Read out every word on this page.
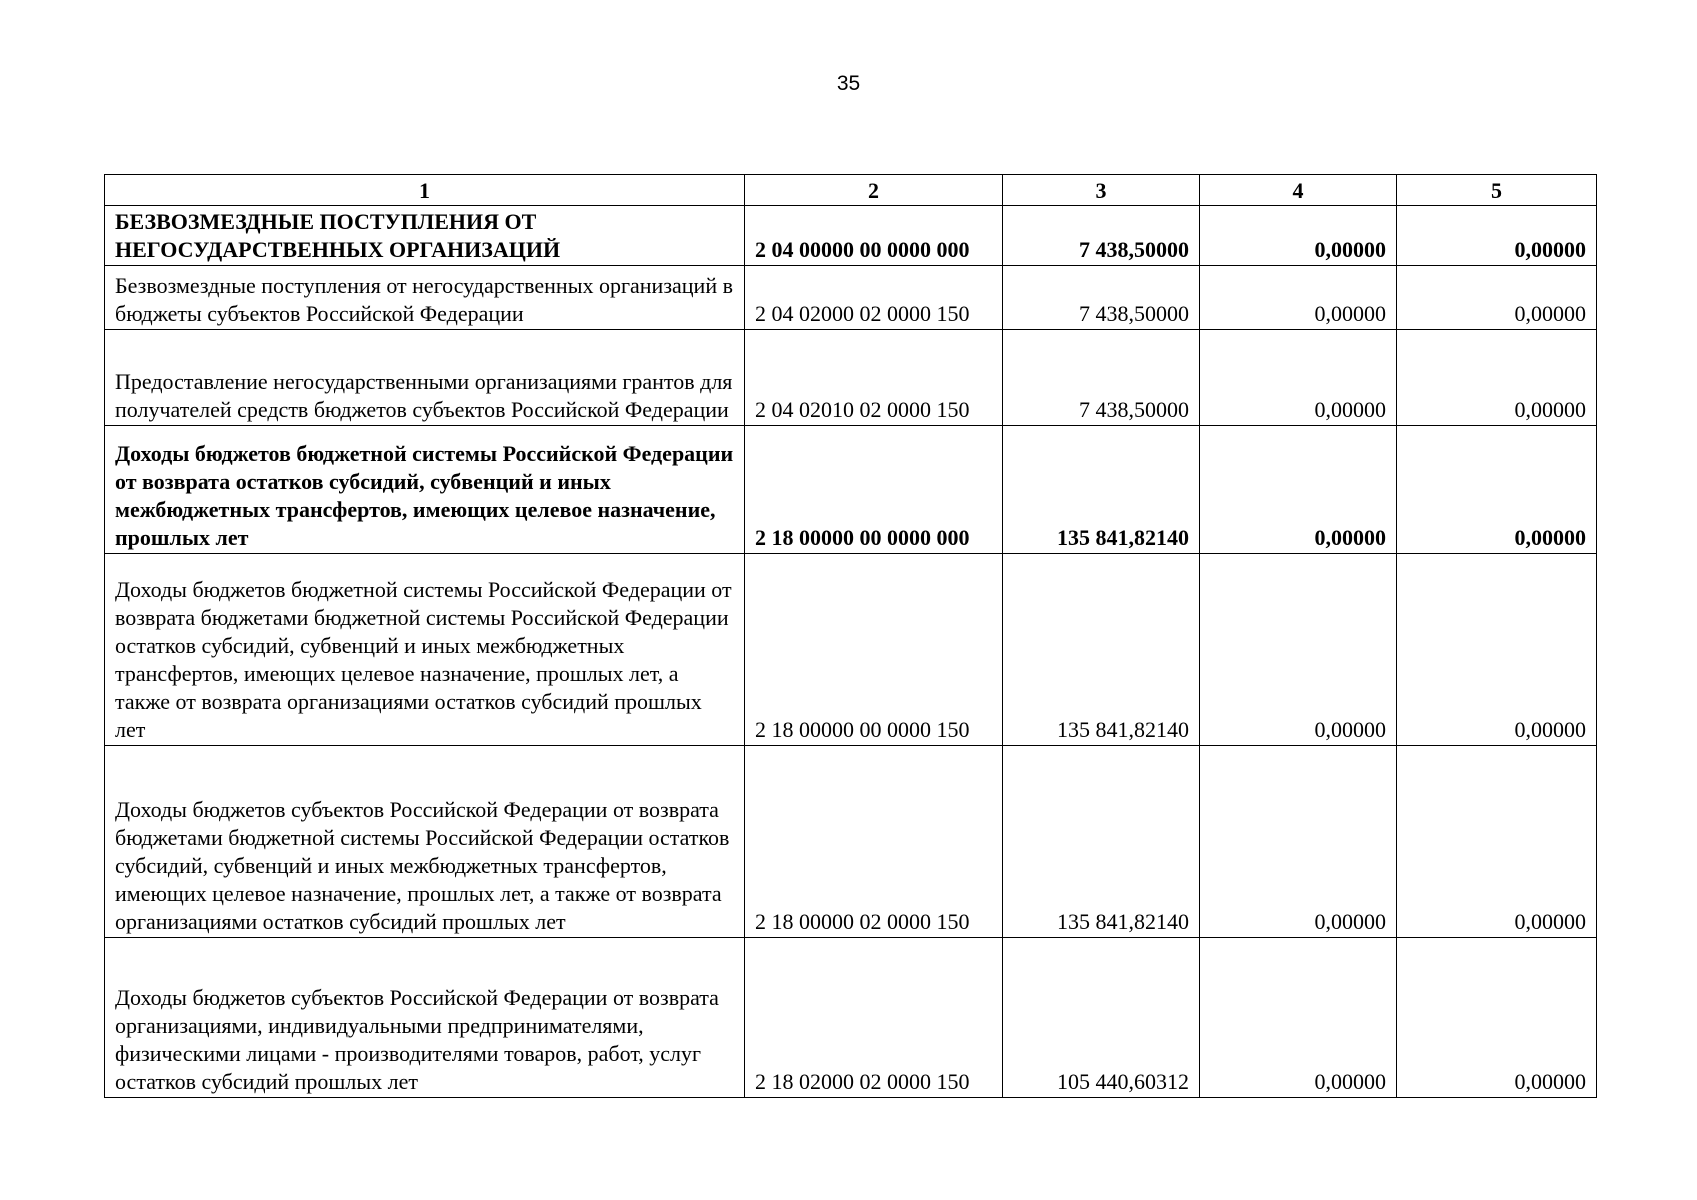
35
1	2	3	4	5
БЕЗВОЗМЕЗДНЫЕ ПОСТУПЛЕНИЯ ОТ НЕГОСУДАРСТВЕННЫХ ОРГАНИЗАЦИЙ	2 04 00000 00 0000 000	7 438,50000	0,00000	0,00000
Безвозмездные поступления от негосударственных организаций в бюджеты субъектов Российской Федерации	2 04 02000 02 0000 150	7 438,50000	0,00000	0,00000
Предоставление негосударственными организациями грантов для получателей средств бюджетов субъектов Российской Федерации	2 04 02010 02 0000 150	7 438,50000	0,00000	0,00000
Доходы бюджетов бюджетной системы Российской Федерации от возврата остатков субсидий, субвенций и иных межбюджетных трансфертов, имеющих целевое назначение, прошлых лет	2 18 00000 00 0000 000	135 841,82140	0,00000	0,00000
Доходы бюджетов бюджетной системы Российской Федерации от возврата бюджетами бюджетной системы Российской Федерации остатков субсидий, субвенций и иных межбюджетных трансфертов, имеющих целевое назначение, прошлых лет, а также от возврата организациями остатков субсидий прошлых лет	2 18 00000 00 0000 150	135 841,82140	0,00000	0,00000
Доходы бюджетов субъектов Российской Федерации от возврата бюджетами бюджетной системы Российской Федерации остатков субсидий, субвенций и иных межбюджетных трансфертов, имеющих целевое назначение, прошлых лет, а также от возврата организациями остатков субсидий прошлых лет	2 18 00000 02 0000 150	135 841,82140	0,00000	0,00000
Доходы бюджетов субъектов Российской Федерации от возврата организациями, индивидуальными предпринимателями, физическими лицами - производителями товаров, работ, услуг остатков субсидий прошлых лет	2 18 02000 02 0000 150	105 440,60312	0,00000	0,00000
